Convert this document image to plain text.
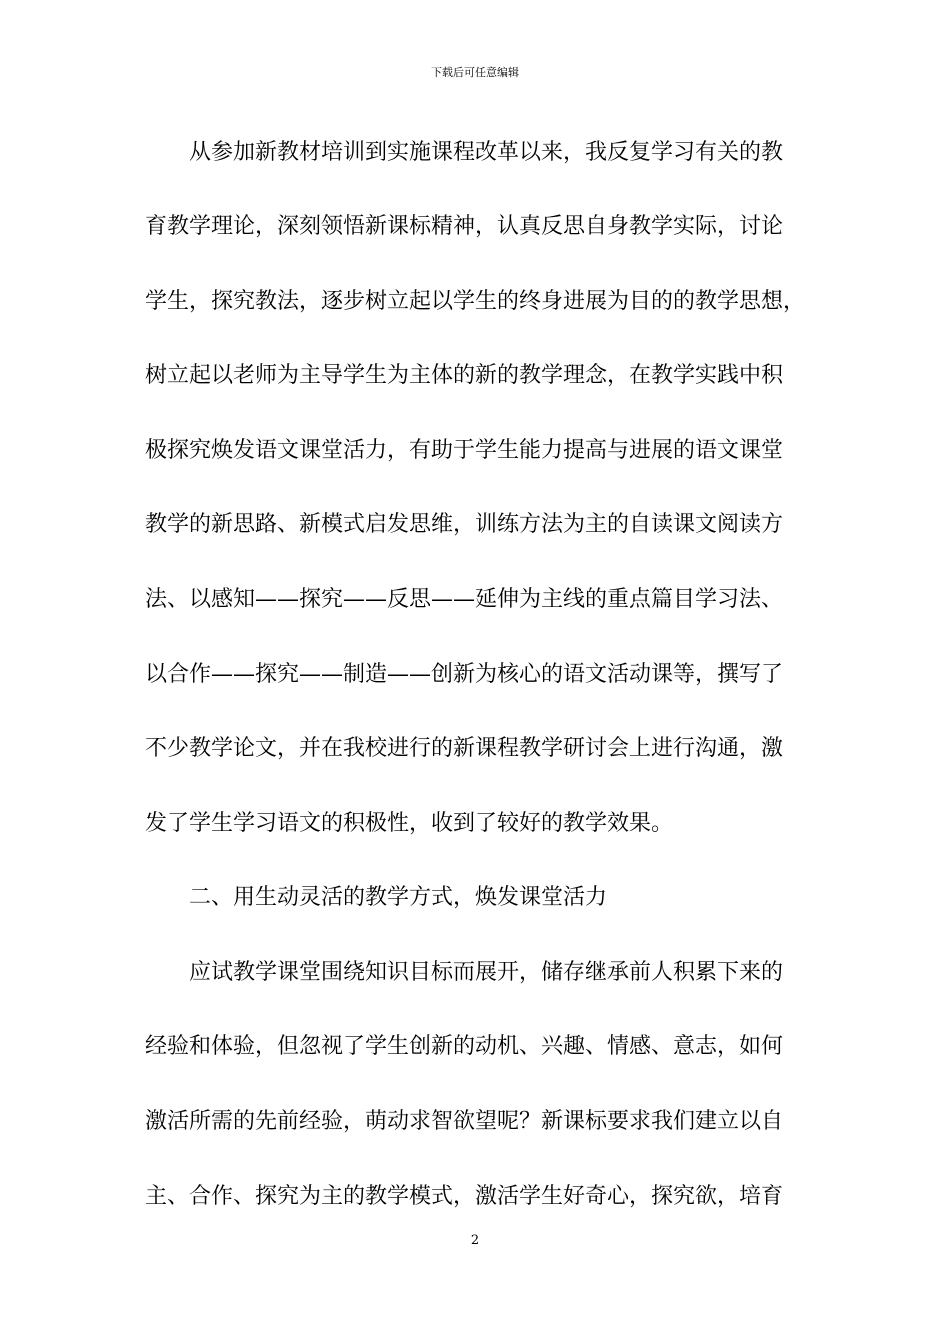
下载后可任意编辑
从参加新教材培训到实施课程改革以来，我反复学习有关的教
育教学理论，深刻领悟新课标精神，认真反思自身教学实际，讨论
学生，探究教法，逐步树立起以学生的终身进展为目的的教学思想，
树立起以老师为主导学生为主体的新的教学理念，在教学实践中积
极探究焕发语文课堂活力，有助于学生能力提高与进展的语文课堂
教学的新思路、新模式启发思维，训练方法为主的自读课文阅读方
法、以感知——探究——反思——延伸为主线的重点篇目学习法、
以合作——探究——制造——创新为核心的语文活动课等，撰写了
不少教学论文，并在我校进行的新课程教学研讨会上进行沟通，激
发了学生学习语文的积极性，收到了较好的教学效果。
二、用生动灵活的教学方式，焕发课堂活力
应试教学课堂围绕知识目标而展开，储存继承前人积累下来的
经验和体验，但忽视了学生创新的动机、兴趣、情感、意志，如何
激活所需的先前经验，萌动求智欲望呢？新课标要求我们建立以自
主、合作、探究为主的教学模式，激活学生好奇心，探究欲，培育
2
